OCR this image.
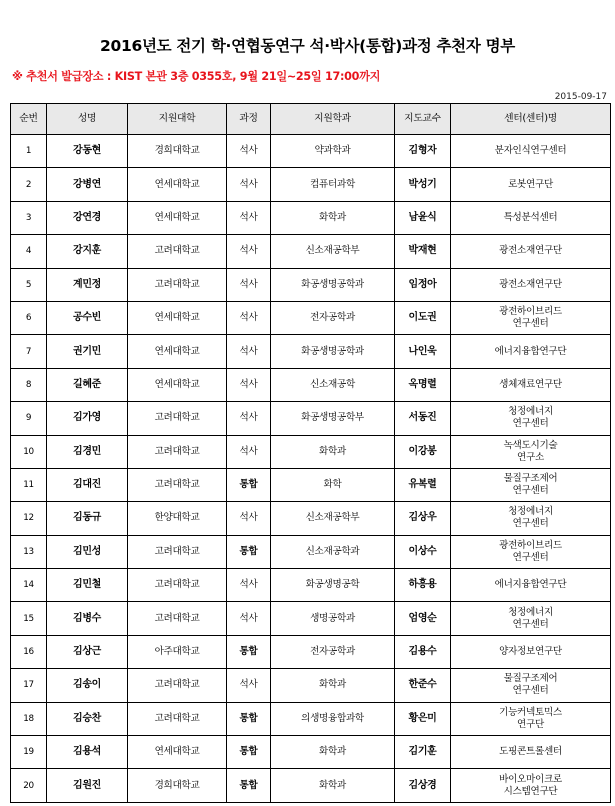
2016년도 전기 학·연협동연구 석·박사(통합)과정 추천자 명부
※ 추천서 발급장소 : KIST 본관 3층 0355호, 9월 21일~25일 17:00까지
2015-09-17
순번	성명	지원대학	과정	지원학과	지도교수	센터(센터)명
1	강동현	경희대학교	석사	약과학과	김형자	분자인식연구센터
2	강병연	연세대학교	석사	컴퓨터과학	박성기	로봇연구단
3	강연경	연세대학교	석사	화학과	남윤식	특성분석센터
4	강지훈	고려대학교	석사	신소재공학부	박재현	광전소재연구단
5	계민정	고려대학교	석사	화공생명공학과	임정아	광전소재연구단
6	공수빈	연세대학교	석사	전자공학과	이도권	광전하이브리드
연구센터
7	권기민	연세대학교	석사	화공생명공학과	나인욱	에너지융합연구단
8	길혜준	연세대학교	석사	신소재공학	옥명렬	생체재료연구단
9	김가영	고려대학교	석사	화공생명공학부	서동진	청정에너지
연구센터
10	김경민	고려대학교	석사	화학과	이강봉	녹색도시기술
연구소
11	김대진	고려대학교	통합	화학	유복렬	물질구조제어
연구센터
12	김동규	한양대학교	석사	신소재공학부	김상우	청정에너지
연구센터
13	김민성	고려대학교	통합	신소재공학과	이상수	광전하이브리드
연구센터
14	김민철	고려대학교	석사	화공생명공학	하흥용	에너지융합연구단
15	김병수	고려대학교	석사	생명공학과	엄영순	청정에너지
연구센터
16	김상근	아주대학교	통합	전자공학과	김용수	양자정보연구단
17	김송이	고려대학교	석사	화학과	한준수	물질구조제어
연구센터
18	김승찬	고려대학교	통합	의생명융합과학	황은미	기능커넥토믹스
연구단
19	김용석	연세대학교	통합	화학과	김기훈	도핑콘트롤센터
20	김원진	경희대학교	통합	화학과	김상경	바이오마이크로
시스템연구단
